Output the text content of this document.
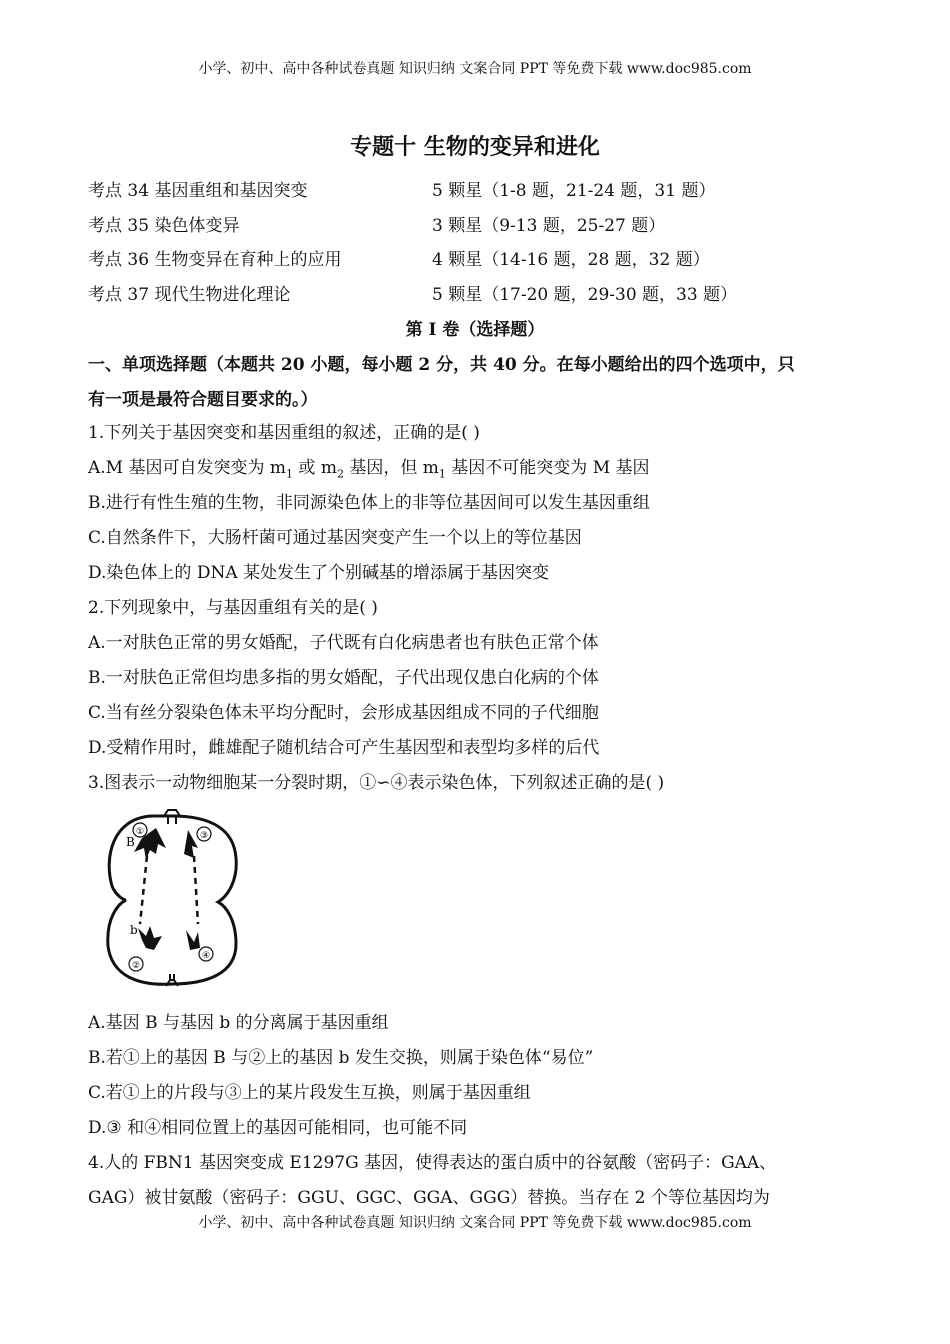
小学、初中、高中各种试卷真题 知识归纳 文案合同 PPT 等免费下载 www.doc985.com
专题十 生物的变异和进化
考点 34 基因重组和基因突变	5 颗星（1-8 题，21-24 题，31 题）
考点 35 染色体变异	3 颗星（9-13 题，25-27 题）
考点 36 生物变异在育种上的应用	4 颗星（14-16 题，28 题，32 题）
考点 37 现代生物进化理论	5 颗星（17-20 题，29-30 题，33 题）
第 I 卷（选择题）
一、单项选择题（本题共 20 小题，每小题 2 分，共 40 分。在每小题给出的四个选项中，只
有一项是最符合题目要求的。）
1.下列关于基因突变和基因重组的叙述，正确的是( )
A.M 基因可自发突变为 $m_1$ 或 $m_2$ 基因，但 $m_1$ 基因不可能突变为 M 基因
B.进行有性生殖的生物，非同源染色体上的非等位基因间可以发生基因重组
C.自然条件下，大肠杆菌可通过基因突变产生一个以上的等位基因
D.染色体上的 DNA 某处发生了个别碱基的增添属于基因突变
2.下列现象中，与基因重组有关的是( )
A.一对肤色正常的男女婚配，子代既有白化病患者也有肤色正常个体
B.一对肤色正常但均患多指的男女婚配，子代出现仅患白化病的个体
C.当有丝分裂染色体未平均分配时，会形成基因组成不同的子代细胞
D.受精作用时，雌雄配子随机结合可产生基因型和表型均多样的后代
3.图表示一动物细胞某一分裂时期，①∽④表示染色体，下列叙述正确的是( )
①	③
②
④
B
b
A.基因 B 与基因 b 的分离属于基因重组
B.若①上的基因 B 与②上的基因 b 发生交换，则属于染色体“易位”
C.若①上的片段与③上的某片段发生互换，则属于基因重组
D.③ 和④相同位置上的基因可能相同，也可能不同
4.人的 FBN1 基因突变成 E1297G 基因，使得表达的蛋白质中的谷氨酸（密码子：GAA、
GAG）被甘氨酸（密码子：GGU、GGC、GGA、GGG）替换。当存在 2 个等位基因均为
小学、初中、高中各种试卷真题 知识归纳 文案合同 PPT 等免费下载 www.doc985.com
